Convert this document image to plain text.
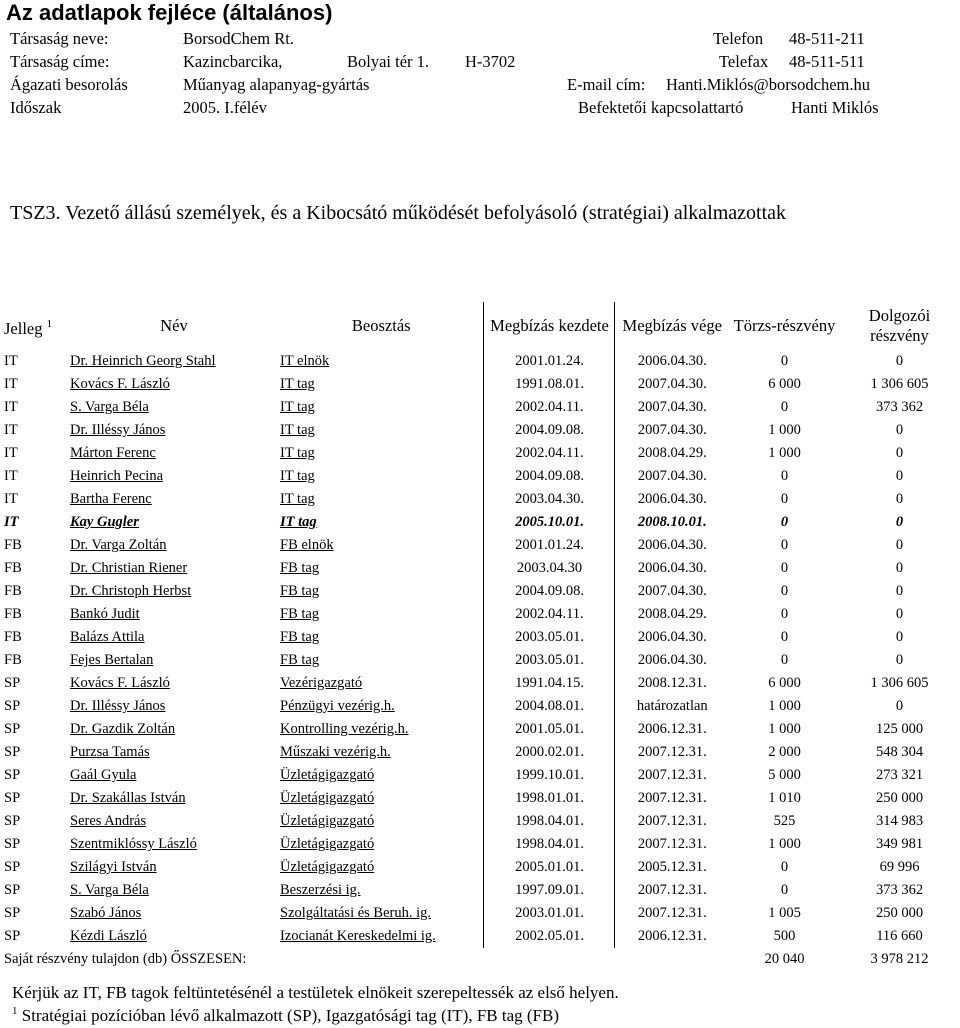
Az adatlapok fejléce (általános)
Társaság neve:	BorsodChem Rt.	Telefon 48-511-211
Társaság címe:	Kazincbarcika,	Bolyai tér 1. H-3702	Telefax 48-511-511
Ágazati besorolás	Műanyag alapanyag-gyártás	E-mail cím: Hanti.Miklós@borsodchem.hu
Időszak	2005. I.félév	Befektetői kapcsolattartó	Hanti Miklós
TSZ3. Vezető állású személyek, és a Kibocsátó működését befolyásoló (stratégiai) alkalmazottak
Jelleg $^1$	Név	Beosztás	Megbízás kezdete	Megbízás vége	Törzs-részvény	Dolgozói részvény
IT	Dr. Heinrich Georg Stahl	IT elnök	2001.01.24.	2006.04.30.	0	0
IT	Kovács F. László	IT tag	1991.08.01.	2007.04.30.	6 000	1 306 605
IT	S. Varga Béla	IT tag	2002.04.11.	2007.04.30.	0	373 362
IT	Dr. Illéssy János	IT tag	2004.09.08.	2007.04.30.	1 000	0
IT	Márton Ferenc	IT tag	2002.04.11.	2008.04.29.	1 000	0
IT	Heinrich Pecina	IT tag	2004.09.08.	2007.04.30.	0	0
IT	Bartha Ferenc	IT tag	2003.04.30.	2006.04.30.	0	0
IT	Kay Gugler	IT tag	2005.10.01.	2008.10.01.	0	0
FB	Dr. Varga Zoltán	FB elnök	2001.01.24.	2006.04.30.	0	0
FB	Dr. Christian Riener	FB tag	2003.04.30	2006.04.30.	0	0
FB	Dr. Christoph Herbst	FB tag	2004.09.08.	2007.04.30.	0	0
FB	Bankó Judit	FB tag	2002.04.11.	2008.04.29.	0	0
FB	Balázs Attila	FB tag	2003.05.01.	2006.04.30.	0	0
FB	Fejes Bertalan	FB tag	2003.05.01.	2006.04.30.	0	0
SP	Kovács F. László	Vezérigazgató	1991.04.15.	2008.12.31.	6 000	1 306 605
SP	Dr. Illéssy János	Pénzügyi vezérig.h.	2004.08.01.	határozatlan	1 000	0
SP	Dr. Gazdik Zoltán	Kontrolling vezérig.h.	2001.05.01.	2006.12.31.	1 000	125 000
SP	Purzsa Tamás	Műszaki vezérig.h.	2000.02.01.	2007.12.31.	2 000	548 304
SP	Gaál Gyula	Üzletágigazgató	1999.10.01.	2007.12.31.	5 000	273 321
SP	Dr. Szakállas István	Üzletágigazgató	1998.01.01.	2007.12.31.	1 010	250 000
SP	Seres András	Üzletágigazgató	1998.04.01.	2007.12.31.	525	314 983
SP	Szentmiklóssy László	Üzletágigazgató	1998.04.01.	2007.12.31.	1 000	349 981
SP	Szilágyi István	Üzletágigazgató	2005.01.01.	2005.12.31.	0	69 996
SP	S. Varga Béla	Beszerzési ig.	1997.09.01.	2007.12.31.	0	373 362
SP	Szabó János	Szolgáltatási és Beruh. ig.	2003.01.01.	2007.12.31.	1 005	250 000
SP	Kézdi László	Izocianát Kereskedelmi ig.	2002.05.01.	2006.12.31.	500	116 660
Saját részvény tulajdon (db) ŐSSZESEN:					20 040	3 978 212
Kérjük az IT, FB tagok feltüntetésénél a testületek elnökeit szerepeltessék az első helyen.
$^1$ Stratégiai pozícióban lévő alkalmazott (SP), Igazgatósági tag (IT), FB tag (FB)
